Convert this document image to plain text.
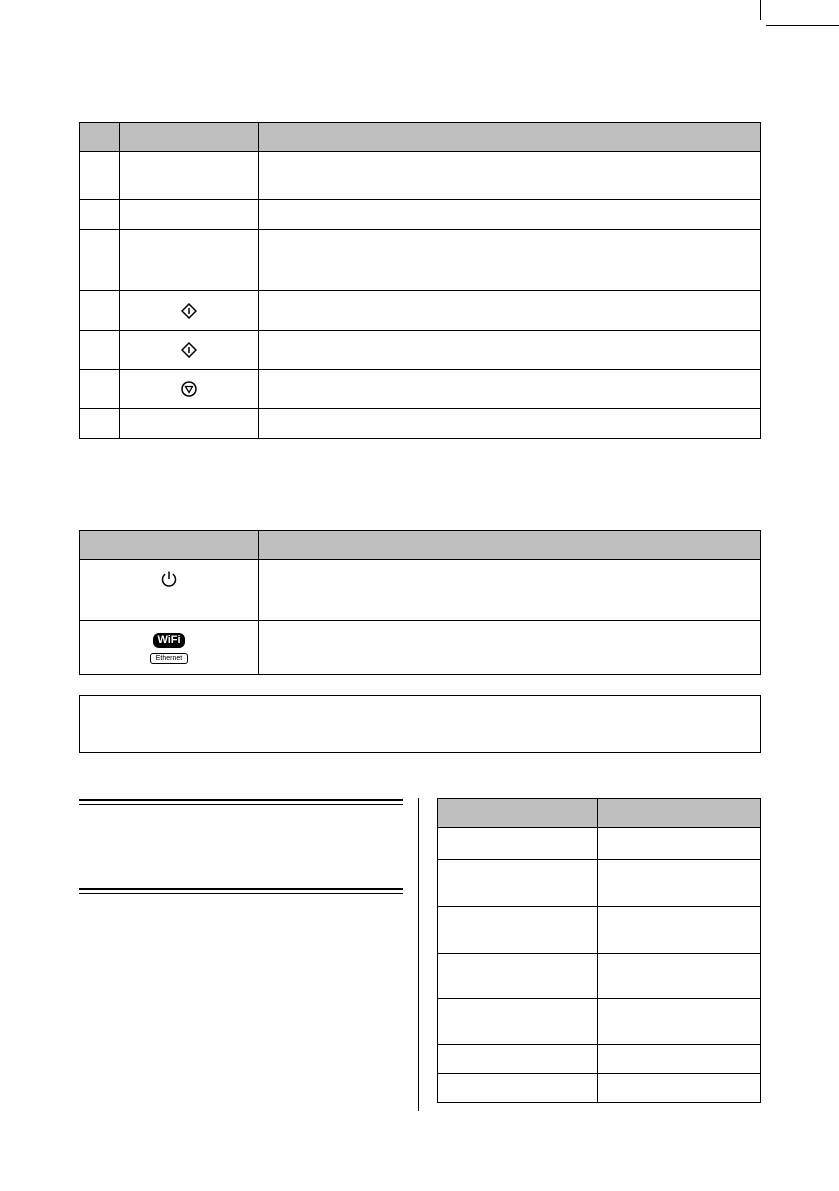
WiFi
Ethernet	
